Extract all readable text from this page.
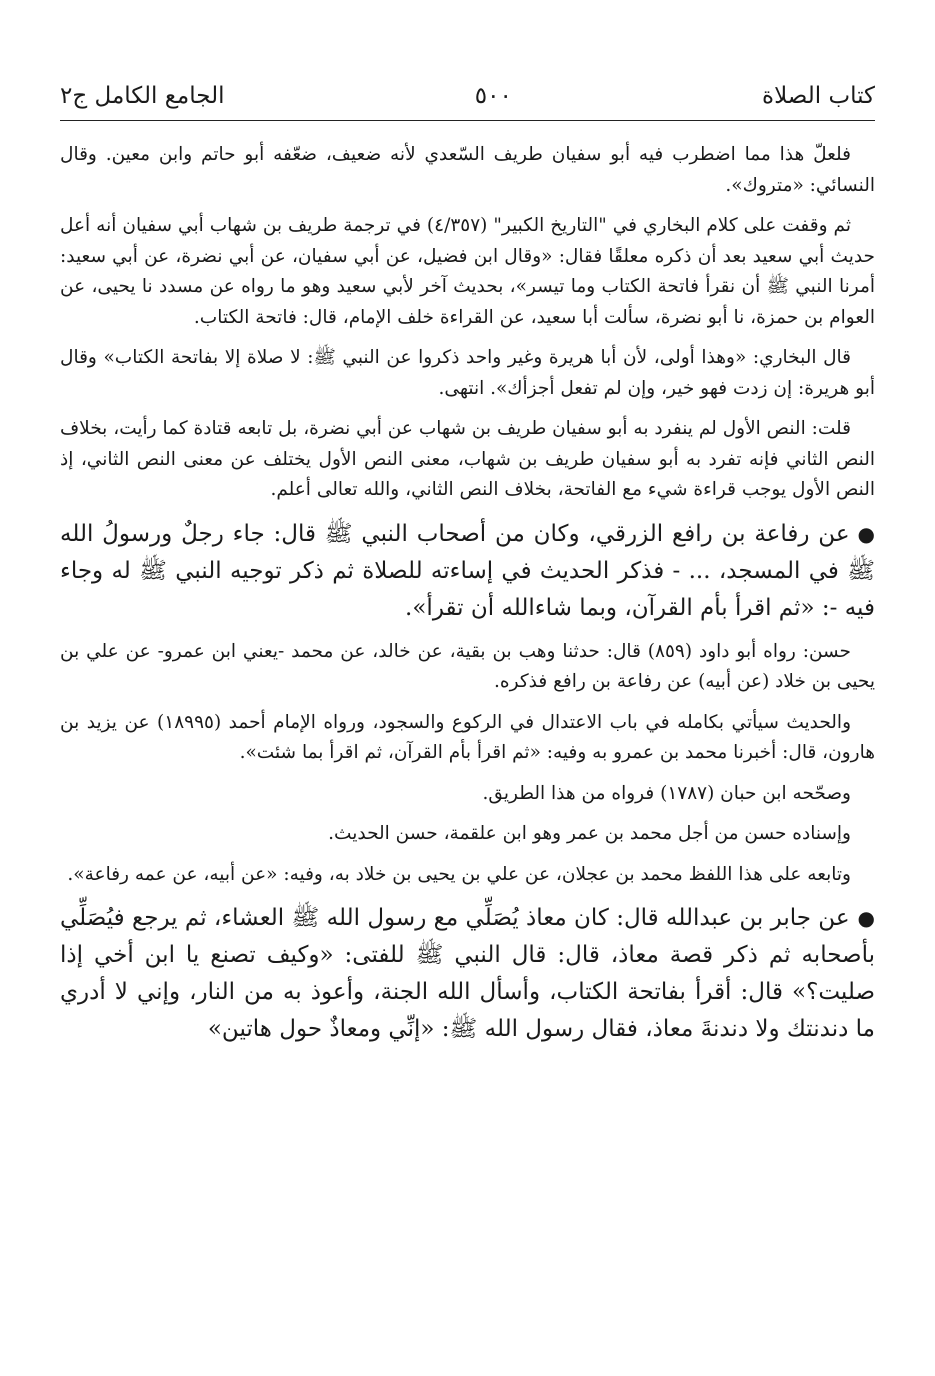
كتاب الصلاة
٥٠٠
الجامع الكامل ج٢

فلعلّ هذا مما اضطرب فيه أبو سفيان طريف السّعدي لأنه ضعيف، ضعّفه أبو حاتم وابن معين. وقال النسائي: «متروك».

ثم وقفت على كلام البخاري في "التاريخ الكبير" (٤/٣٥٧) في ترجمة طريف بن شهاب أبي سفيان أنه أعل حديث أبي سعيد بعد أن ذكره معلقًا فقال: «وقال ابن فضيل، عن أبي سفيان، عن أبي نضرة، عن أبي سعيد: أمرنا النبي ﷺ أن نقرأ فاتحة الكتاب وما تيسر»، بحديث آخر لأبي سعيد وهو ما رواه عن مسدد نا يحيى، عن العوام بن حمزة، نا أبو نضرة، سألت أبا سعيد، عن القراءة خلف الإمام، قال: فاتحة الكتاب.

قال البخاري: «وهذا أولى، لأن أبا هريرة وغير واحد ذكروا عن النبي ﷺ: لا صلاة إلا بفاتحة الكتاب» وقال أبو هريرة: إن زدت فهو خير، وإن لم تفعل أجزأك». انتهى.

قلت: النص الأول لم ينفرد به أبو سفيان طريف بن شهاب عن أبي نضرة، بل تابعه قتادة كما رأيت، بخلاف النص الثاني فإنه تفرد به أبو سفيان طريف بن شهاب، معنى النص الأول يختلف عن معنى النص الثاني، إذ النص الأول يوجب قراءة شيء مع الفاتحة، بخلاف النص الثاني، والله تعالى أعلم.

●عن رفاعة بن رافع الزرقي، وكان من أصحاب النبي ﷺ قال: جاء رجلٌ ورسولُ الله ﷺ في المسجد، ... - فذكر الحديث في إساءته للصلاة ثم ذكر توجيه النبي ﷺ له وجاء فيه -: «ثم اقرأ بأم القرآن، وبما شاءالله أن تقرأ».

حسن: رواه أبو داود (٨٥٩) قال: حدثنا وهب بن بقية، عن خالد، عن محمد -يعني ابن عمرو- عن علي بن يحيى بن خلاد (عن أبيه) عن رفاعة بن رافع فذكره.

والحديث سيأتي بكامله في باب الاعتدال في الركوع والسجود، ورواه الإمام أحمد (١٨٩٩٥) عن يزيد بن هارون، قال: أخبرنا محمد بن عمرو به وفيه: «ثم اقرأ بأم القرآن، ثم اقرأ بما شئت».

وصحّحه ابن حبان (١٧٨٧) فرواه من هذا الطريق.

وإسناده حسن من أجل محمد بن عمر وهو ابن علقمة، حسن الحديث.

وتابعه على هذا اللفظ محمد بن عجلان، عن علي بن يحيى بن خلاد به، وفيه: «عن أبيه، عن عمه رفاعة».

●عن جابر بن عبدالله قال: كان معاذ يُصَلِّي مع رسول الله ﷺ العشاء، ثم يرجع فيُصَلِّي بأصحابه ثم ذكر قصة معاذ، قال: قال النبي ﷺ للفتى: «وكيف تصنع يا ابن أخي إذا صليت؟» قال: أقرأ بفاتحة الكتاب، وأسأل الله الجنة، وأعوذ به من النار، وإني لا أدري ما دندنتك ولا دندنةَ معاذ، فقال رسول الله ﷺ: «إنِّي ومعاذٌ حول هاتين»
